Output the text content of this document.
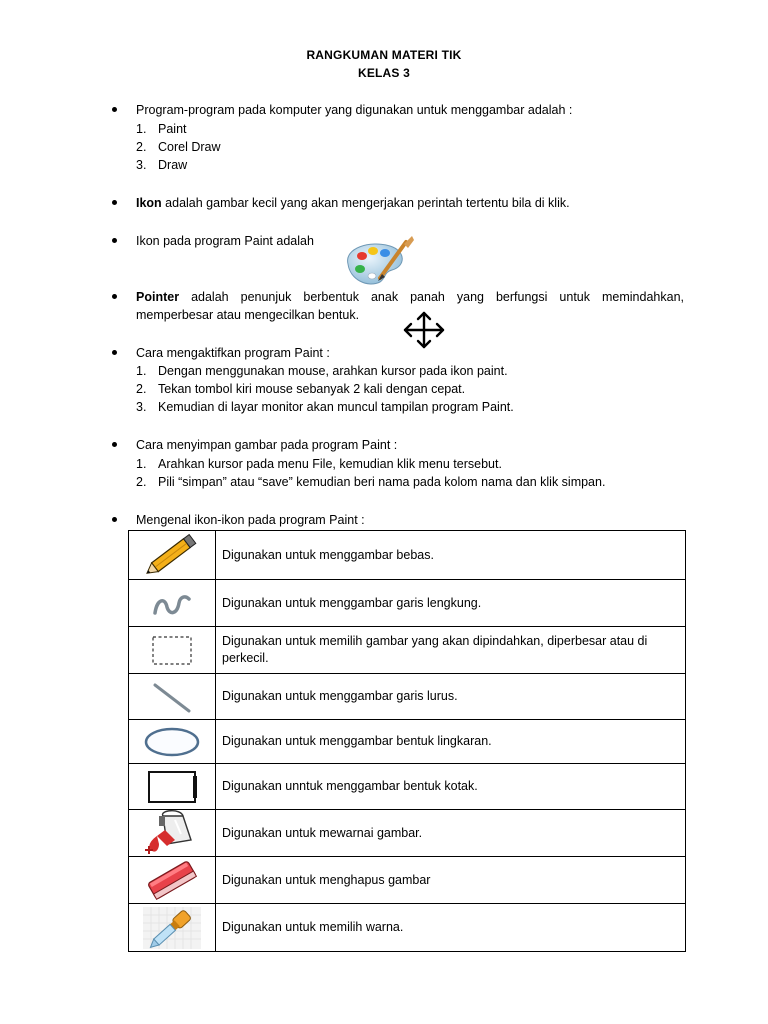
RANGKUMAN MATERI TIK
KELAS 3
Program-program pada komputer yang digunakan untuk menggambar adalah :
1. Paint
2. Corel Draw
3. Draw
Ikon adalah gambar kecil yang akan mengerjakan perintah tertentu bila di klik.
Ikon pada program Paint adalah
Pointer adalah penunjuk berbentuk anak panah yang berfungsi untuk memindahkan,
memperbesar atau mengecilkan bentuk.
Cara mengaktifkan program Paint :
1. Dengan menggunakan mouse, arahkan kursor pada ikon paint.
2. Tekan tombol kiri mouse sebanyak 2 kali dengan cepat.
3. Kemudian di layar monitor akan muncul tampilan program Paint.
Cara menyimpan gambar pada program Paint :
1. Arahkan kursor pada menu File, kemudian klik menu tersebut.
2. Pili “simpan” atau “save” kemudian beri nama pada kolom nama dan klik simpan.
Mengenal ikon-ikon pada program Paint :
	Digunakan untuk menggambar bebas.

	Digunakan untuk menggambar garis lengkung.

	Digunakan untuk memilih gambar yang akan dipindahkan, diperbesar atau di perkecil.

	Digunakan untuk menggambar garis lurus.

	Digunakan untuk menggambar bentuk lingkaran.

	Digunakan unntuk menggambar bentuk kotak.

	Digunakan untuk mewarnai gambar.

	Digunakan untuk menghapus gambar

	Digunakan untuk memilih warna.
